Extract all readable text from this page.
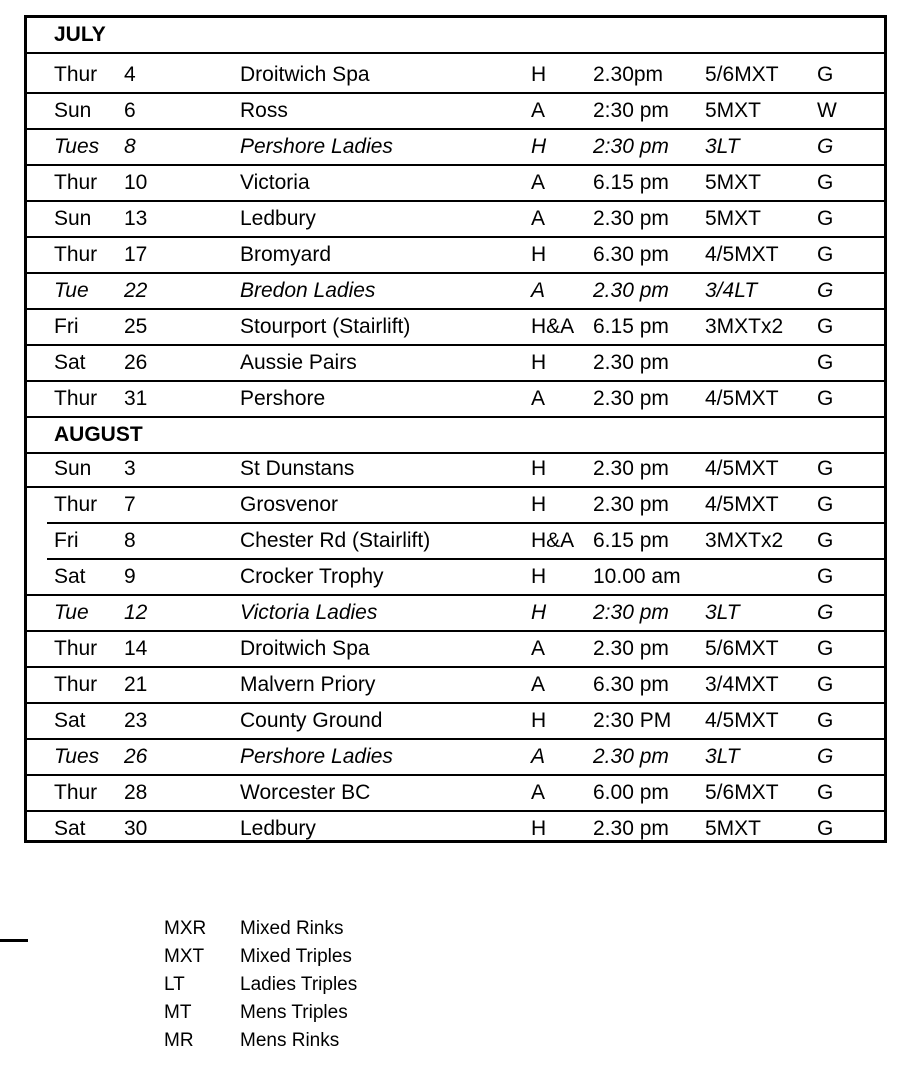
JULY
Thur 4	Droitwich Spa	H 2.30pm 5/6MXT G
Sun 6	Ross	A 2:30 pm 5MXT	W
Tues 8	Pershore Ladies	H 2:30 pm 3LT	G
Thur 10	Victoria	A 6.15 pm 5MXT	G
Sun 13	Ledbury	A 2.30 pm 5MXT	G
Thur 17	Bromyard	H 6.30 pm 4/5MXT G
Tue 22	Bredon Ladies	A 2.30 pm 3/4LT	G
Fri 25	Stourport (Stairlift)	H&A 6.15 pm 3MXTx2 G
Sat 26	Aussie Pairs	H 2.30 pm	G
Thur 31	Pershore	A 2.30 pm 4/5MXT G
AUGUST
Sun 3	St Dunstans	H 2.30 pm 4/5MXT G
Thur 7	Grosvenor	H 2.30 pm 4/5MXT G
Fri 8	Chester Rd (Stairlift)	H&A 6.15 pm 3MXTx2 G
Sat 9	Crocker Trophy	H 10.00 am	G
Tue 12	Victoria Ladies	H 2:30 pm 3LT	G
Thur 14	Droitwich Spa	A 2.30 pm 5/6MXT G
Thur 21	Malvern Priory	A 6.30 pm 3/4MXT G
Sat 23	County Ground	H 2:30 PM 4/5MXT G
Tues 26	Pershore Ladies	A 2.30 pm 3LT	G
Thur 28	Worcester BC	A 6.00 pm 5/6MXT G
Sat 30	Ledbury	H 2.30 pm 5MXT	G
MXR	Mixed Rinks
MXT	Mixed Triples
LT	Ladies Triples
MT	Mens Triples
MR	Mens Rinks
